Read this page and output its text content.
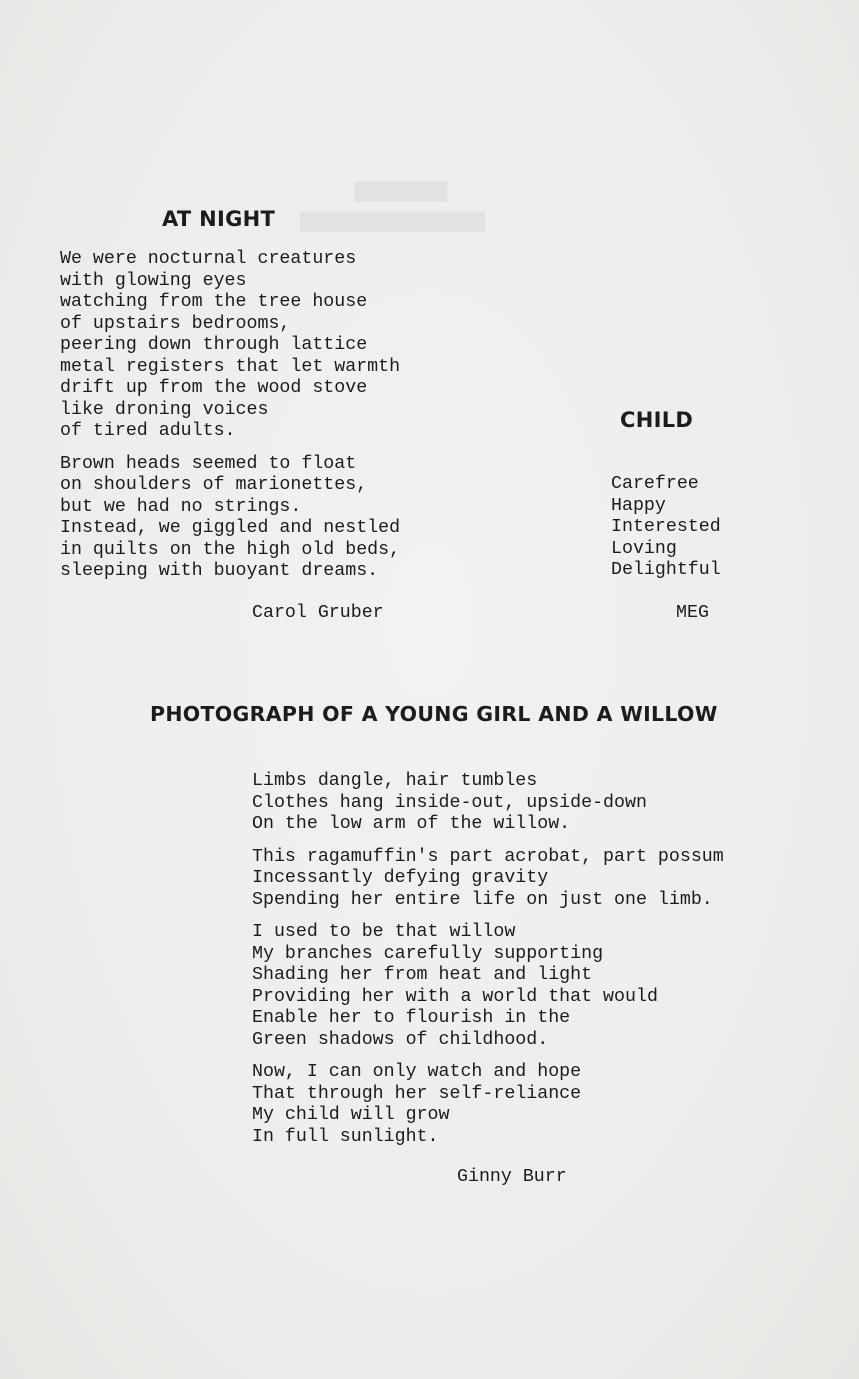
▇▇▇▇▇▇
▇▇▇▇▇▇▇▇▇▇▇▇
AT NIGHT
We were nocturnal creatures
with glowing eyes
watching from the tree house
of upstairs bedrooms,
peering down through lattice
metal registers that let warmth
drift up from the wood stove
like droning voices
of tired adults.
Brown heads seemed to float
on shoulders of marionettes,
but we had no strings.
Instead, we giggled and nestled
in quilts on the high old beds,
sleeping with buoyant dreams.
Carol Gruber
CHILD
Carefree
Happy
Interested
Loving
Delightful
MEG
PHOTOGRAPH OF A YOUNG GIRL AND A WILLOW
Limbs dangle, hair tumbles
Clothes hang inside-out, upside-down
On the low arm of the willow.
This ragamuffin's part acrobat, part possum
Incessantly defying gravity
Spending her entire life on just one limb.
I used to be that willow
My branches carefully supporting
Shading her from heat and light
Providing her with a world that would
Enable her to flourish in the
Green shadows of childhood.
Now, I can only watch and hope
That through her self-reliance
My child will grow
In full sunlight.
Ginny Burr
